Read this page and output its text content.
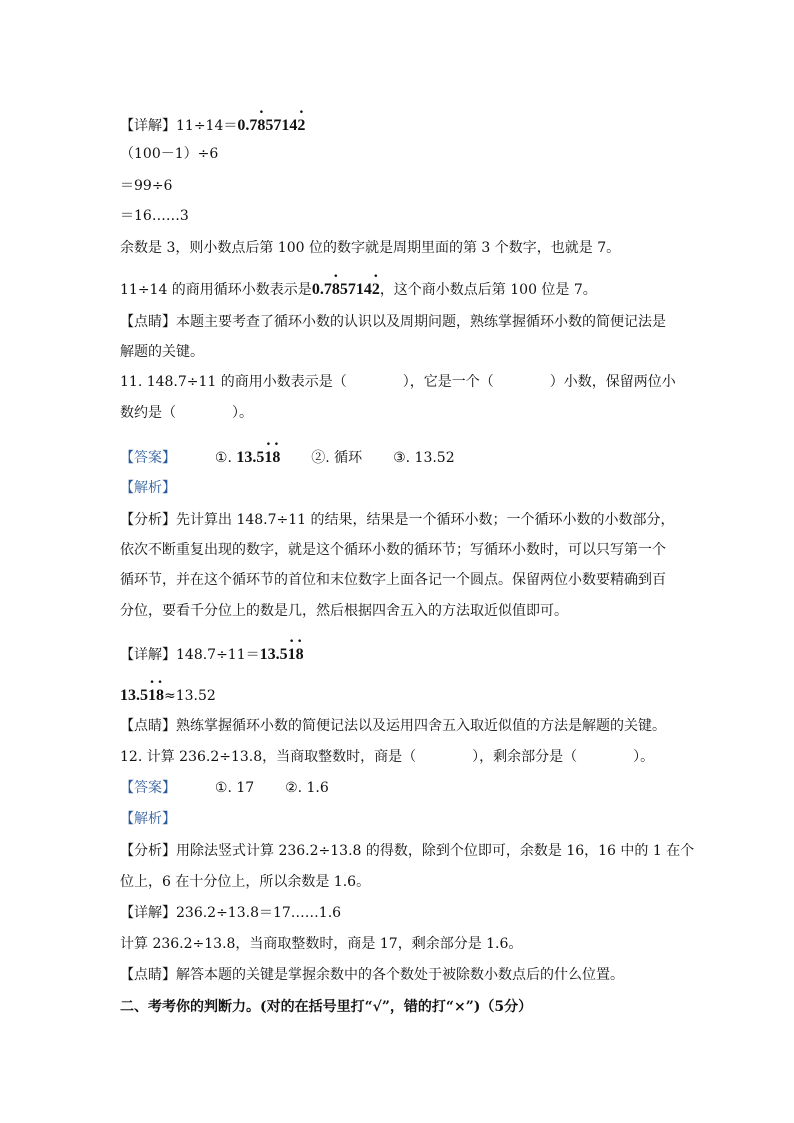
【详解】11÷14＝0.7· 85714· 2
（100－1）÷6
＝99÷6
＝16……3
余数是 3，则小数点后第 100 位的数字就是周期里面的第 3 个数字，也就是 7。
11÷14 的商用循环小数表示是0.7· 85714· 2，这个商小数点后第 100 位是 7。
【点睛】本题主要考查了循环小数的认识以及周期问题，熟练掌握循环小数的简便记法是
解题的关键。
11. 148.7÷11 的商用小数表示是（　　　　），它是一个（　　　　）小数，保留两位小
数约是（　　　　）。
【答案】	①. 13.5· 1· 8 ②. 循环 ③. 13.52
【解析】
【分析】先计算出 148.7÷11 的结果，结果是一个循环小数；一个循环小数的小数部分，
依次不断重复出现的数字，就是这个循环小数的循环节；写循环小数时，可以只写第一个
循环节，并在这个循环节的首位和末位数字上面各记一个圆点。保留两位小数要精确到百
分位，要看千分位上的数是几，然后根据四舍五入的方法取近似值即可。
【详解】148.7÷11＝13.5· 1· 8
13.5· 1· 8≈13.52
【点睛】熟练掌握循环小数的简便记法以及运用四舍五入取近似值的方法是解题的关键。
12. 计算 236.2÷13.8，当商取整数时，商是（　　　　），剩余部分是（　　　　）。
【答案】	①. 17 ②. 1.6
【解析】
【分析】用除法竖式计算 236.2÷13.8 的得数，除到个位即可，余数是 16，16 中的 1 在个
位上，6 在十分位上，所以余数是 1.6。
【详解】236.2÷13.8＝17……1.6
计算 236.2÷13.8，当商取整数时，商是 17，剩余部分是 1.6。
【点睛】解答本题的关键是掌握余数中的各个数处于被除数小数点后的什么位置。
二、考考你的判断力。(对的在括号里打“√”，错的打“×”)（5分）
